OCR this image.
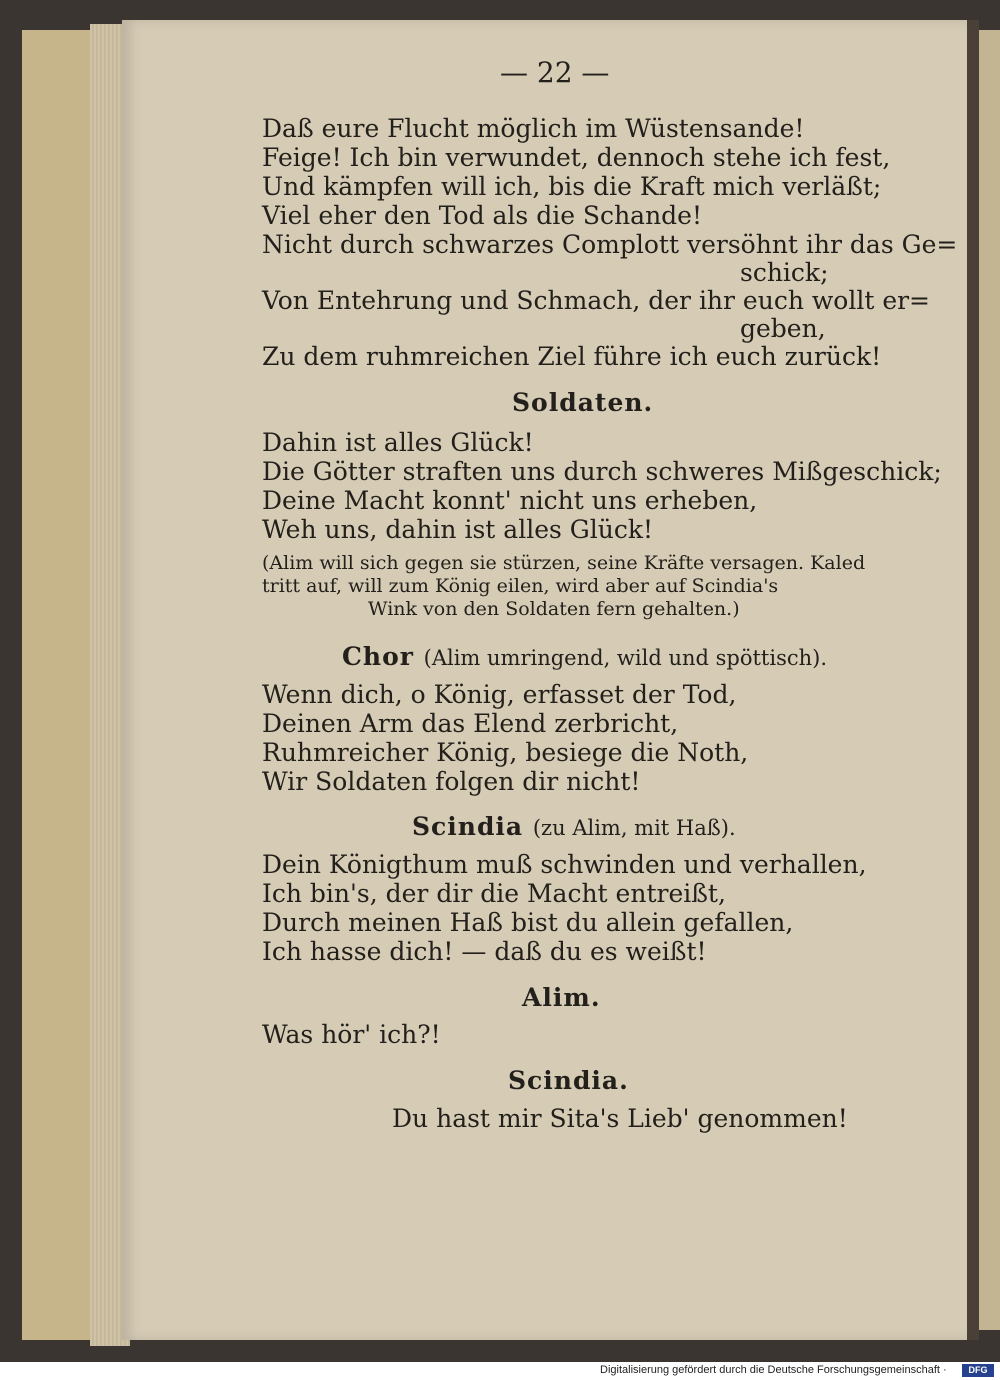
— 22 —
Daß eure Flucht möglich im Wüstensande!
Feige! Ich bin verwundet, dennoch stehe ich fest,
Und kämpfen will ich, bis die Kraft mich verläßt;
Viel eher den Tod als die Schande!
Nicht durch schwarzes Complott versöhnt ihr das Ge=
schick;
Von Entehrung und Schmach, der ihr euch wollt er=
geben,
Zu dem ruhmreichen Ziel führe ich euch zurück!
Soldaten.
Dahin ist alles Glück!
Die Götter straften uns durch schweres Mißgeschick;
Deine Macht konnt' nicht uns erheben,
Weh uns, dahin ist alles Glück!
(Alim will sich gegen sie stürzen, seine Kräfte versagen. Kaled
tritt auf, will zum König eilen, wird aber auf Scindia's
Wink von den Soldaten fern gehalten.)
Chor (Alim umringend, wild und spöttisch).
Wenn dich, o König, erfasset der Tod,
Deinen Arm das Elend zerbricht,
Ruhmreicher König, besiege die Noth,
Wir Soldaten folgen dir nicht!
Scindia (zu Alim, mit Haß).
Dein Königthum muß schwinden und verhallen,
Ich bin's, der dir die Macht entreißt,
Durch meinen Haß bist du allein gefallen,
Ich hasse dich! — daß du es weißt!
Alim.
Was hör' ich?!
Scindia.
Du hast mir Sita's Lieb' genommen!
Digitalisierung gefördert durch die Deutsche Forschungsgemeinschaft ·	DFG
